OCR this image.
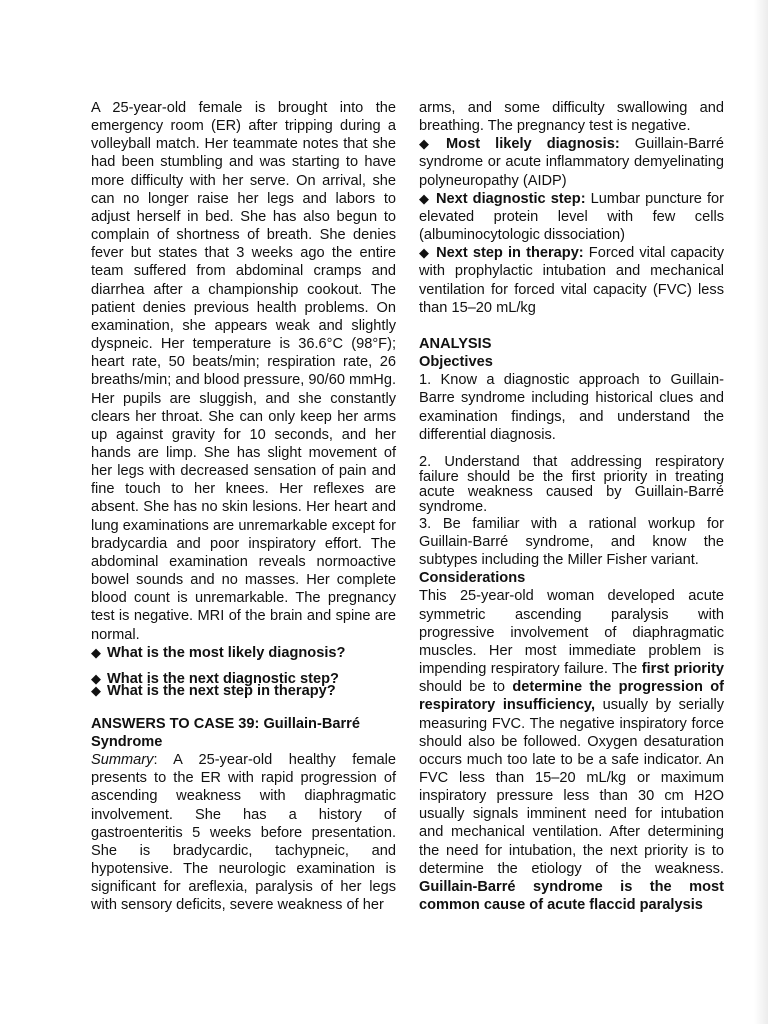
A 25-year-old female is brought into the emergency room (ER) after tripping during a volleyball match. Her teammate notes that she had been stumbling and was starting to have more difficulty with her serve. On arrival, she can no longer raise her legs and labors to adjust herself in bed. She has also begun to complain of shortness of breath. She denies fever but states that 3 weeks ago the entire team suffered from abdominal cramps and diarrhea after a championship cookout. The patient denies previous health problems. On examination, she appears weak and slightly dyspneic. Her temperature is 36.6°C (98°F); heart rate, 50 beats/min; respiration rate, 26 breaths/min; and blood pressure, 90/60 mmHg. Her pupils are sluggish, and she constantly clears her throat. She can only keep her arms up against gravity for 10 seconds, and her hands are limp. She has slight movement of her legs with decreased sensation of pain and fine touch to her knees. Her reflexes are absent. She has no skin lesions. Her heart and lung examinations are unremarkable except for bradycardia and poor inspiratory effort. The abdominal examination reveals normoactive bowel sounds and no masses. Her complete blood count is unremarkable. The pregnancy test is negative. MRI of the brain and spine are normal.

◆ What is the most likely diagnosis?

◆ What is the next diagnostic step?

◆ What is the next step in therapy?

ANSWERS TO CASE 39: Guillain-Barré Syndrome

Summary: A 25-year-old healthy female presents to the ER with rapid progression of ascending weakness with diaphragmatic involvement. She has a history of gastroenteritis 5 weeks before presentation. She is bradycardic, tachypneic, and hypotensive. The neurologic examination is significant for areflexia, paralysis of her legs with sensory deficits, severe weakness of her

arms, and some difficulty swallowing and breathing. The pregnancy test is negative.

◆ Most likely diagnosis: Guillain-Barré syndrome or acute inflammatory demyelinating polyneuropathy (AIDP)

◆ Next diagnostic step: Lumbar puncture for elevated protein level with few cells (albuminocytologic dissociation)

◆ Next step in therapy: Forced vital capacity with prophylactic intubation and mechanical ventilation for forced vital capacity (FVC) less than 15–20 mL/kg

ANALYSIS

Objectives

1. Know a diagnostic approach to Guillain-Barre syndrome including historical clues and examination findings, and understand the differential diagnosis.

2. Understand that addressing respiratory failure should be the first priority in treating acute weakness caused by Guillain-Barré syndrome.

3. Be familiar with a rational workup for Guillain-Barré syndrome, and know the subtypes including the Miller Fisher variant.

Considerations

This 25-year-old woman developed acute symmetric ascending paralysis with progressive involvement of diaphragmatic muscles. Her most immediate problem is impending respiratory failure. The first priority should be to determine the progression of respiratory insufficiency, usually by serially measuring FVC. The negative inspiratory force should also be followed. Oxygen desaturation occurs much too late to be a safe indicator. An FVC less than 15–20 mL/kg or maximum inspiratory pressure less than 30 cm H2O usually signals imminent need for intubation and mechanical ventilation. After determining the need for intubation, the next priority is to determine the etiology of the weakness. Guillain-Barré syndrome is the most common cause of acute flaccid paralysis
